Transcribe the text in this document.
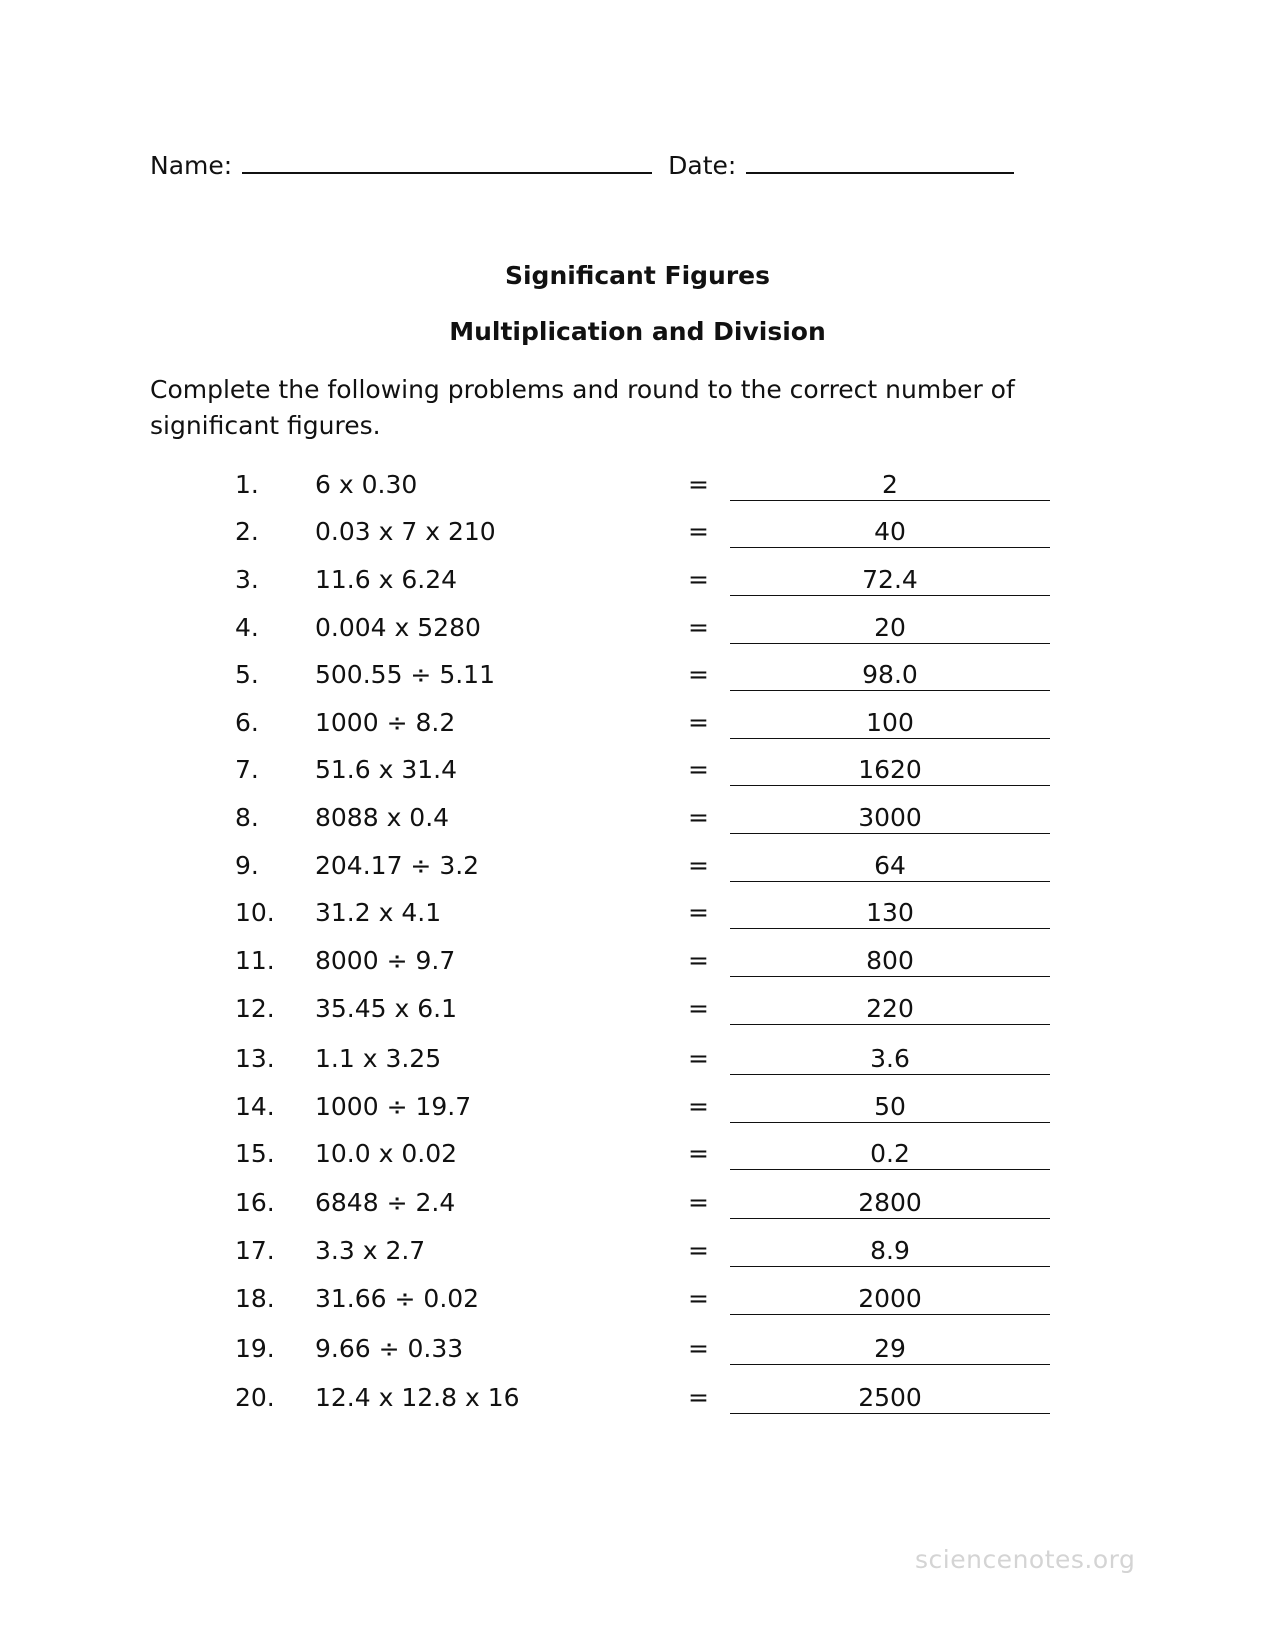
Name:	Date:
Significant Figures
Multiplication and Division
Complete the following problems and round to the correct number of significant figures.
1. 6 x 0.30	=	2
2. 0.03 x 7 x 210	=	40
3. 11.6 x 6.24	=	72.4
4. 0.004 x 5280	=	20
5. 500.55 ÷ 5.11	=	98.0
6. 1000 ÷ 8.2	=	100
7. 51.6 x 31.4	=	1620
8. 8088 x 0.4	=	3000
9. 204.17 ÷ 3.2	=	64
10. 31.2 x 4.1	=	130
11. 8000 ÷ 9.7	=	800
12. 35.45 x 6.1	=	220
13. 1.1 x 3.25	=	3.6
14. 1000 ÷ 19.7	=	50
15. 10.0 x 0.02	=	0.2
16. 6848 ÷ 2.4	=	2800
17. 3.3 x 2.7	=	8.9
18. 31.66 ÷ 0.02	=	2000
19. 9.66 ÷ 0.33	=	29
20. 12.4 x 12.8 x 16	=	2500
sciencenotes.org
